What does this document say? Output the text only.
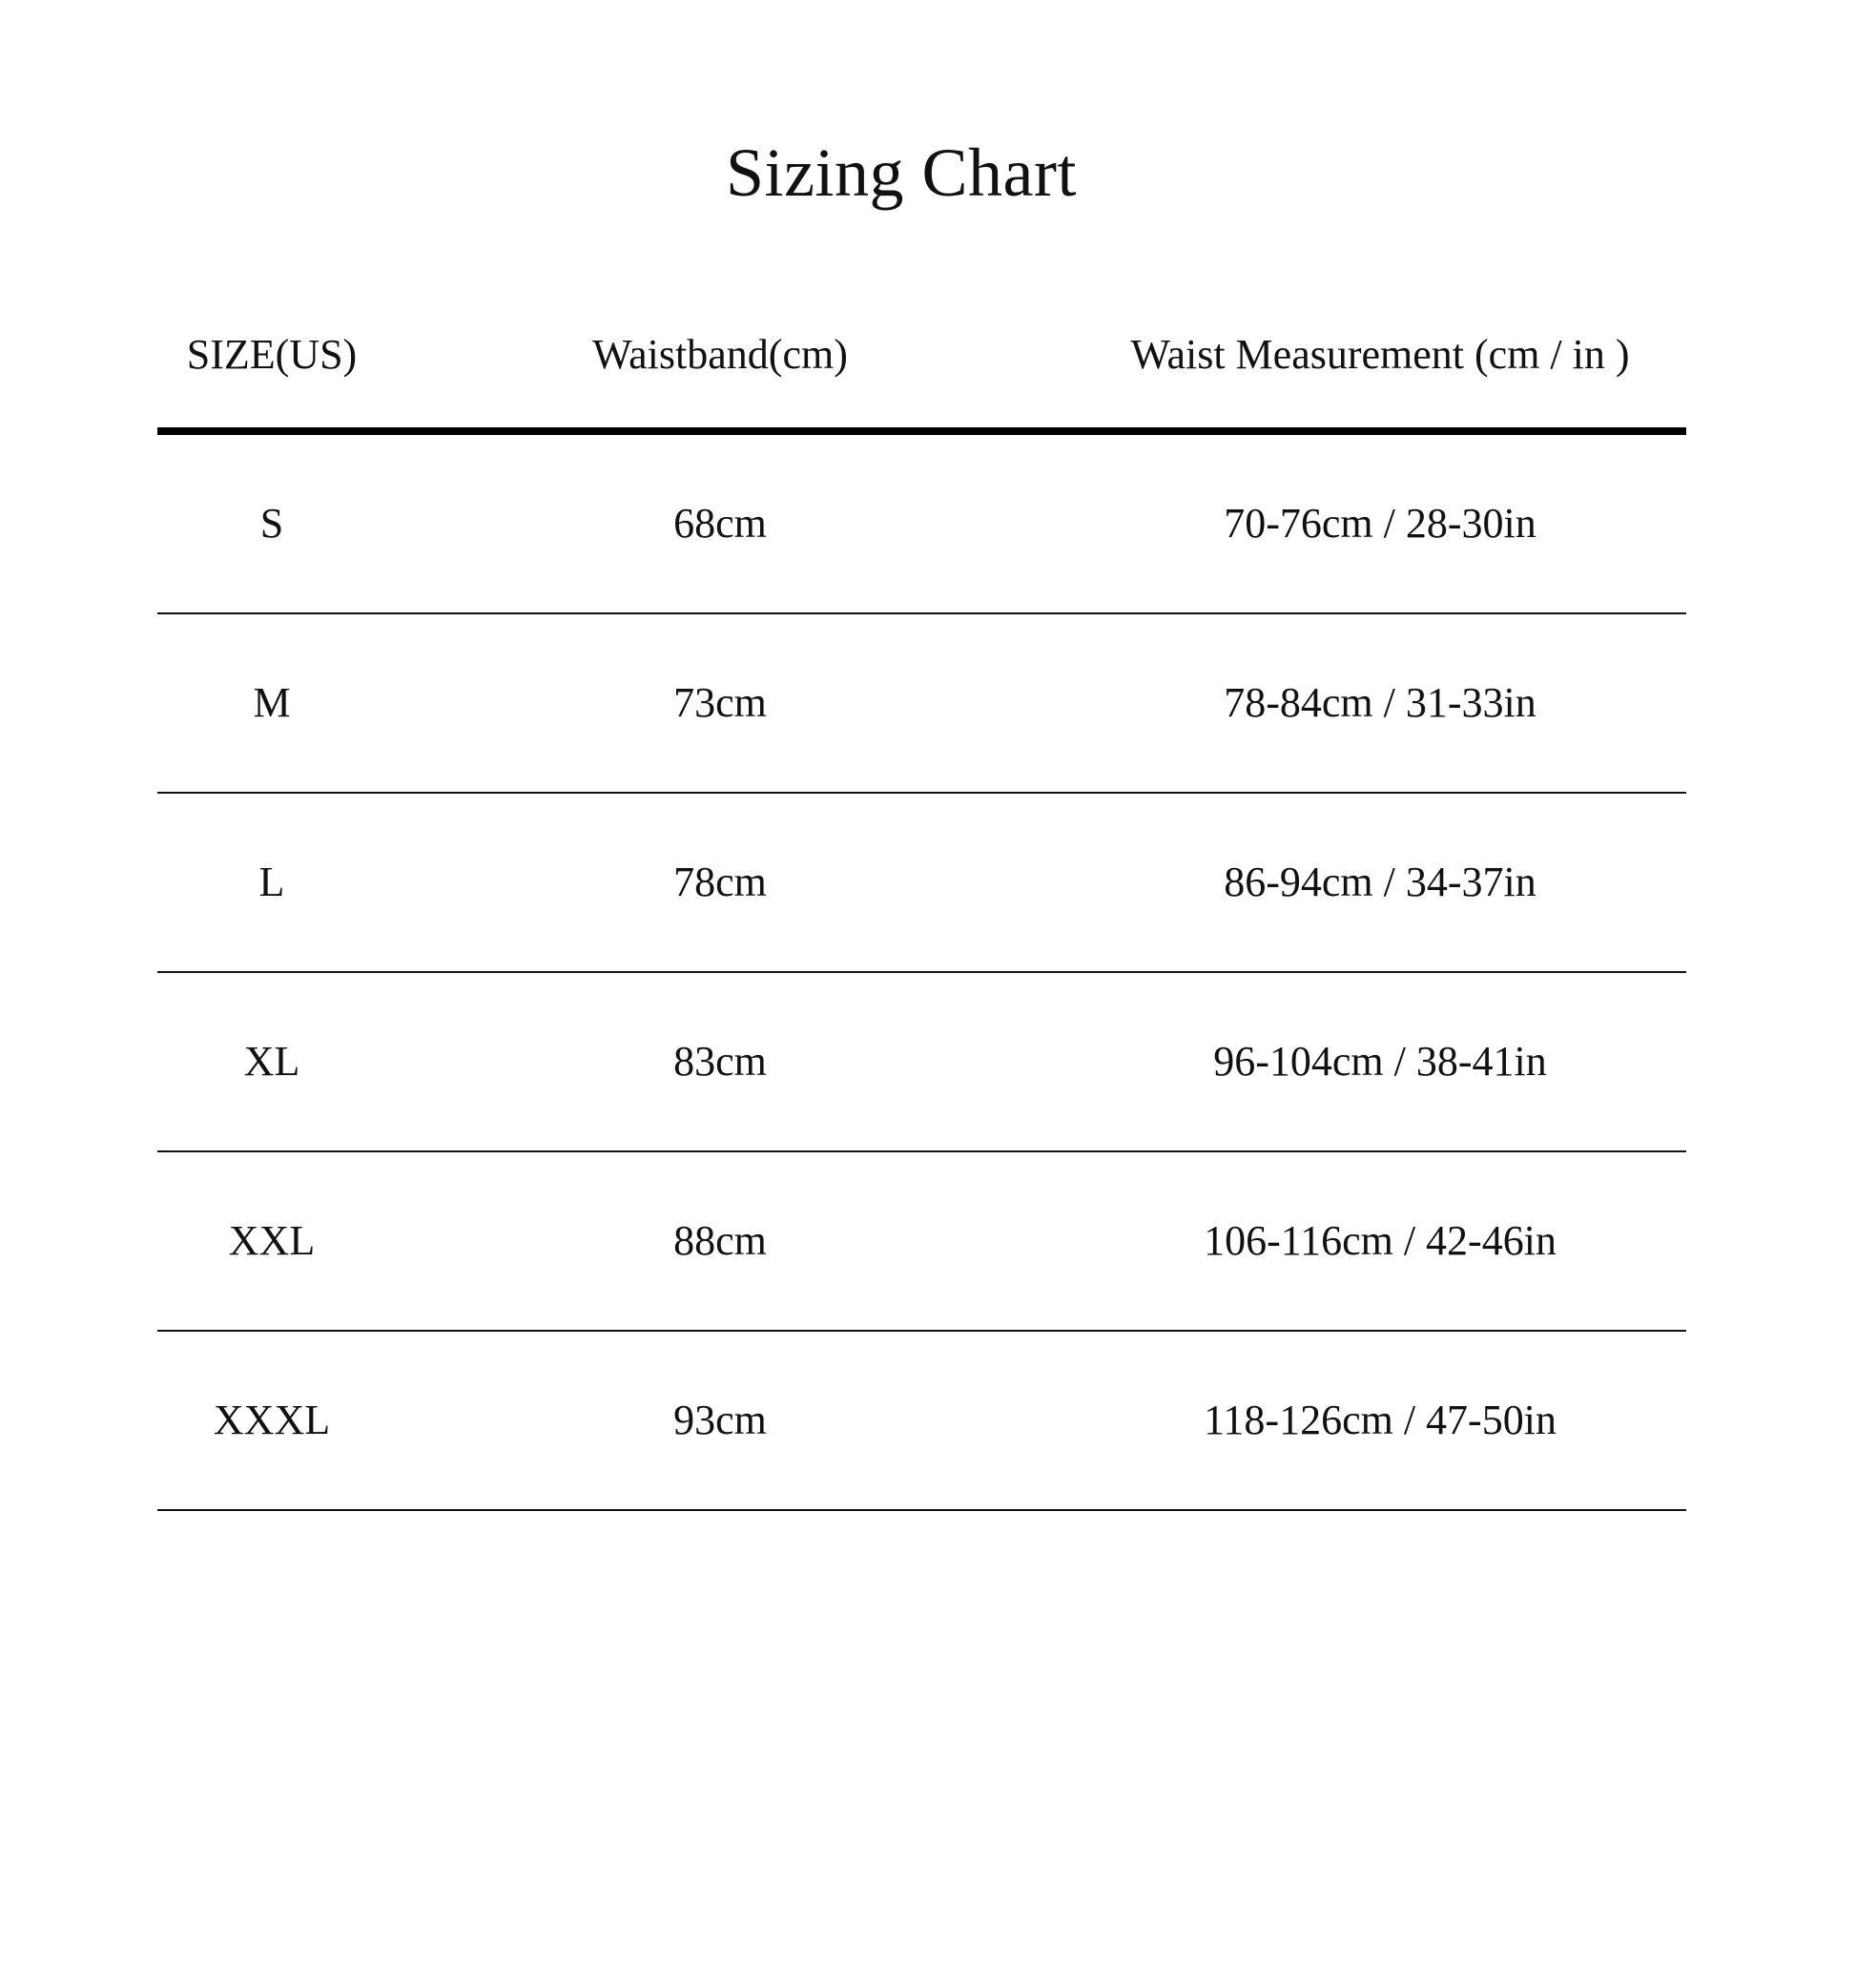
Sizing Chart
SIZE(US)	Waistband(cm)	Waist Measurement (cm / in )
S	68cm	70-76cm / 28-30in
M	73cm	78-84cm / 31-33in
L	78cm	86-94cm / 34-37in
XL	83cm	96-104cm / 38-41in
XXL	88cm	106-116cm / 42-46in
XXXL	93cm	118-126cm / 47-50in
